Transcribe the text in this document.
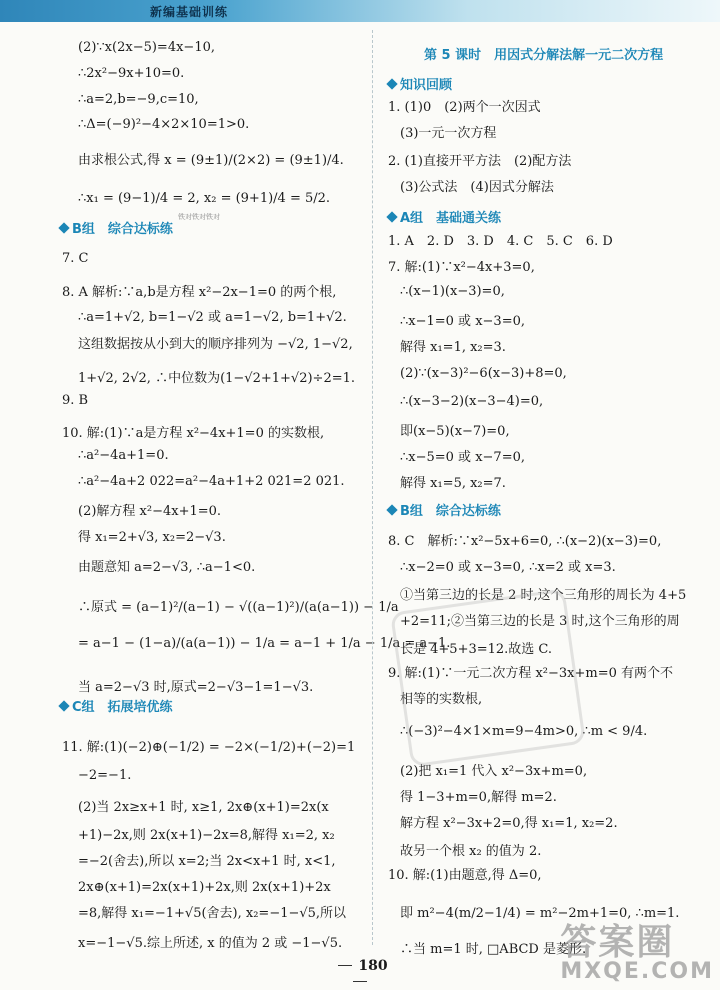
新编基础训练
(2)∵x(2x−5)=4x−10,
∴2x²−9x+10=0.
∴a=2,b=−9,c=10,
∴Δ=(−9)²−4×2×10=1>0.
由求根公式,得 x = (9±1)/(2×2) = (9±1)/4.
∴x₁ = (9−1)/4 = 2, x₂ = (9+1)/4 = 5/2.
7. C
8. A 解析:∵a,b是方程 x²−2x−1=0 的两个根,
∴a=1+√2, b=1−√2 或 a=1−√2, b=1+√2.
这组数据按从小到大的顺序排列为 −√2, 1−√2,
1+√2, 2√2, ∴中位数为(1−√2+1+√2)÷2=1.
9. B
10. 解:(1)∵a是方程 x²−4x+1=0 的实数根,
∴a²−4a+1=0.
∴a²−4a+2 022=a²−4a+1+2 021=2 021.
(2)解方程 x²−4x+1=0.
得 x₁=2+√3, x₂=2−√3.
由题意知 a=2−√3, ∴a−1<0.
∴原式 = (a−1)²/(a−1) − √((a−1)²)/(a(a−1)) − 1/a
= a−1 − (1−a)/(a(a−1)) − 1/a = a−1 + 1/a − 1/a = a−1.
当 a=2−√3 时,原式=2−√3−1=1−√3.
11. 解:(1)(−2)⊕(−1/2) = −2×(−1/2)+(−2)=1
−2=−1.
(2)当 2x≥x+1 时, x≥1, 2x⊕(x+1)=2x(x
+1)−2x,则 2x(x+1)−2x=8,解得 x₁=2, x₂
=−2(舍去),所以 x=2;当 2x<x+1 时, x<1,
2x⊕(x+1)=2x(x+1)+2x,则 2x(x+1)+2x
=8,解得 x₁=−1+√5(舍去), x₂=−1−√5,所以
x=−1−√5.综上所述, x 的值为 2 或 −1−√5.
B组　综合达标练
C组　拓展培优练
铁对铁对铁对
第 5 课时　用因式分解法解一元二次方程
知识回顾
A组　基础通关练
B组　综合达标练
1. (1)0　(2)两个一次因式
(3)一元一次方程
2. (1)直接开平方法　(2)配方法
(3)公式法　(4)因式分解法
1. A　2. D　3. D　4. C　5. C　6. D
7. 解:(1)∵x²−4x+3=0,
∴(x−1)(x−3)=0,
∴x−1=0 或 x−3=0,
解得 x₁=1, x₂=3.
(2)∵(x−3)²−6(x−3)+8=0,
∴(x−3−2)(x−3−4)=0,
即(x−5)(x−7)=0,
∴x−5=0 或 x−7=0,
解得 x₁=5, x₂=7.
8. C　解析:∵x²−5x+6=0, ∴(x−2)(x−3)=0,
∴x−2=0 或 x−3=0, ∴x=2 或 x=3.
①当第三边的长是 2 时,这个三角形的周长为 4+5
+2=11;②当第三边的长是 3 时,这个三角形的周
长是 4+5+3=12.故选 C.
9. 解:(1)∵一元二次方程 x²−3x+m=0 有两个不
相等的实数根,
∴(−3)²−4×1×m=9−4m>0, ∴m < 9/4.
(2)把 x₁=1 代入 x²−3x+m=0,
得 1−3+m=0,解得 m=2.
解方程 x²−3x+2=0,得 x₁=1, x₂=2.
故另一个根 x₂ 的值为 2.
10. 解:(1)由题意,得 Δ=0,
即 m²−4(m/2−1/4) = m²−2m+1=0, ∴m=1.
∴当 m=1 时, □ABCD 是菱形.
180
答案圈
MXQE.COM
